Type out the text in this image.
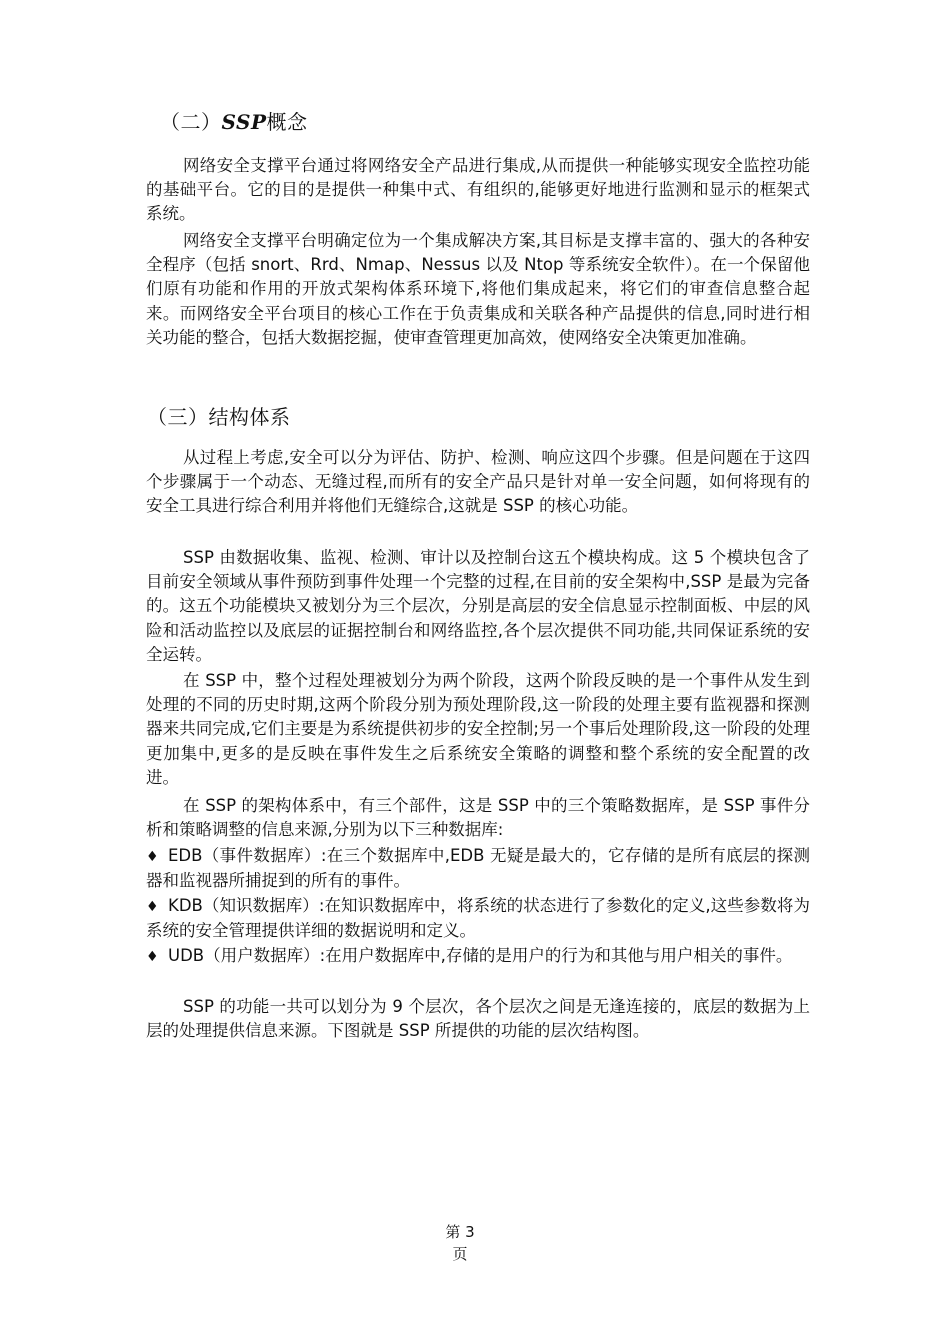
（二）SSP概念

网络安全支撑平台通过将网络安全产品进行集成,从而提供一种能够实现安全监控功能的基础平台。它的目的是提供一种集中式、有组织的,能够更好地进行监测和显示的框架式系统。

网络安全支撑平台明确定位为一个集成解决方案,其目标是支撑丰富的、强大的各种安全程序（包括 snort、Rrd、Nmap、Nessus 以及 Ntop 等系统安全软件）。在一个保留他们原有功能和作用的开放式架构体系环境下,将他们集成起来，将它们的审查信息整合起来。而网络安全平台项目的核心工作在于负责集成和关联各种产品提供的信息,同时进行相关功能的整合，包括大数据挖掘，使审查管理更加高效，使网络安全决策更加准确。

（三）结构体系

从过程上考虑,安全可以分为评估、防护、检测、响应这四个步骤。但是问题在于这四个步骤属于一个动态、无缝过程,而所有的安全产品只是针对单一安全问题，如何将现有的安全工具进行综合利用并将他们无缝综合,这就是 SSP 的核心功能。

SSP 由数据收集、监视、检测、审计以及控制台这五个模块构成。这 5 个模块包含了目前安全领域从事件预防到事件处理一个完整的过程,在目前的安全架构中,SSP 是最为完备的。这五个功能模块又被划分为三个层次，分别是高层的安全信息显示控制面板、中层的风险和活动监控以及底层的证据控制台和网络监控,各个层次提供不同功能,共同保证系统的安全运转。

在 SSP 中，整个过程处理被划分为两个阶段，这两个阶段反映的是一个事件从发生到处理的不同的历史时期,这两个阶段分别为预处理阶段,这一阶段的处理主要有监视器和探测器来共同完成,它们主要是为系统提供初步的安全控制;另一个事后处理阶段,这一阶段的处理更加集中,更多的是反映在事件发生之后系统安全策略的调整和整个系统的安全配置的改进。

在 SSP 的架构体系中，有三个部件，这是 SSP 中的三个策略数据库，是 SSP 事件分析和策略调整的信息来源,分别为以下三种数据库:

♦ EDB（事件数据库）:在三个数据库中,EDB 无疑是最大的，它存储的是所有底层的探测器和监视器所捕捉到的所有的事件。

♦ KDB（知识数据库）:在知识数据库中，将系统的状态进行了参数化的定义,这些参数将为系统的安全管理提供详细的数据说明和定义。

♦ UDB（用户数据库）:在用户数据库中,存储的是用户的行为和其他与用户相关的事件。

SSP 的功能一共可以划分为 9 个层次，各个层次之间是无逢连接的，底层的数据为上层的处理提供信息来源。下图就是 SSP 所提供的功能的层次结构图。

第 3
页
